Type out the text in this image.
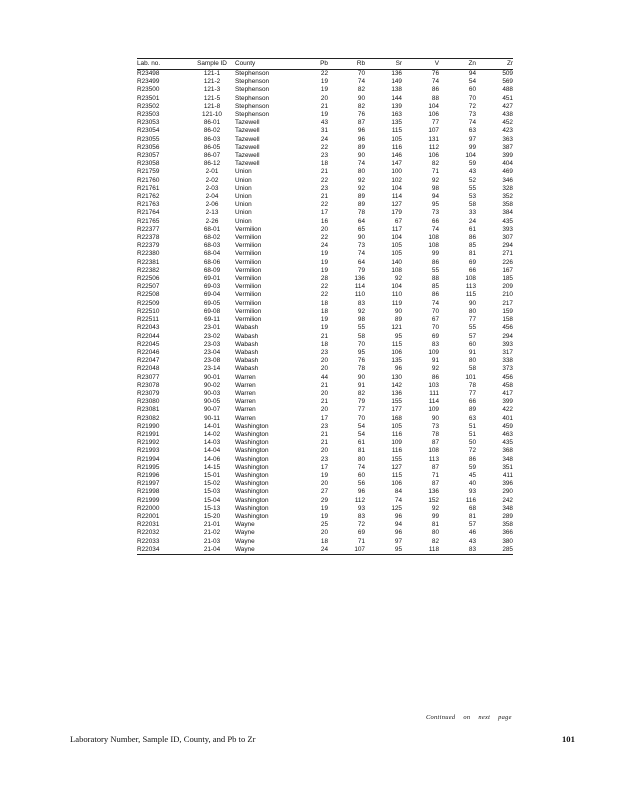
Lab. no.	Sample ID	County	Pb	Rb	Sr	V	Zn	Zr
R23498	121-1	Stephenson	22	70	136	76	94	509
R23499	121-2	Stephenson	19	74	149	74	54	569
R23500	121-3	Stephenson	19	82	138	86	60	488
R23501	121-5	Stephenson	20	90	144	88	70	451
R23502	121-8	Stephenson	21	82	139	104	72	427
R23503	121-10	Stephenson	19	76	163	106	73	438
R23053	86-01	Tazewell	43	87	135	77	74	452
R23054	86-02	Tazewell	31	96	115	107	63	423
R23055	86-03	Tazewell	24	96	105	131	97	363
R23056	86-05	Tazewell	22	89	116	112	99	387
R23057	86-07	Tazewell	23	90	146	106	104	399
R23058	86-12	Tazewell	18	74	147	82	59	404
R21759	2-01	Union	21	80	100	71	43	469
R21760	2-02	Union	22	92	102	92	52	346
R21761	2-03	Union	23	92	104	98	55	328
R21762	2-04	Union	21	89	114	94	53	352
R21763	2-06	Union	22	89	127	95	58	358
R21764	2-13	Union	17	78	179	73	33	384
R21765	2-26	Union	16	64	67	66	24	435
R22377	68-01	Vermilion	20	65	117	74	61	393
R22378	68-02	Vermilion	22	90	104	108	86	307
R22379	68-03	Vermilion	24	73	105	108	85	294
R22380	68-04	Vermilion	19	74	105	99	81	271
R22381	68-06	Vermilion	19	64	140	86	69	226
R22382	68-09	Vermilion	19	79	108	55	66	167
R22506	69-01	Vermilion	28	136	92	88	108	185
R22507	69-03	Vermilion	22	114	104	85	113	209
R22508	69-04	Vermilion	22	110	110	86	115	210
R22509	69-05	Vermilion	18	83	119	74	90	217
R22510	69-08	Vermilion	18	92	90	70	80	159
R22511	69-11	Vermilion	19	98	89	67	77	158
R22043	23-01	Wabash	19	55	121	70	55	456
R22044	23-02	Wabash	21	58	95	69	57	294
R22045	23-03	Wabash	18	70	115	83	60	393
R22046	23-04	Wabash	23	95	106	109	91	317
R22047	23-08	Wabash	20	76	135	91	80	338
R22048	23-14	Wabash	20	78	96	92	58	373
R23077	90-01	Warren	44	90	130	86	101	456
R23078	90-02	Warren	21	91	142	103	78	458
R23079	90-03	Warren	20	82	136	111	77	417
R23080	90-05	Warren	21	79	155	114	66	399
R23081	90-07	Warren	20	77	177	109	89	422
R23082	90-11	Warren	17	70	168	90	63	401
R21990	14-01	Washington	23	54	105	73	51	459
R21991	14-02	Washington	21	54	116	78	51	463
R21992	14-03	Washington	21	61	109	87	50	435
R21993	14-04	Washington	20	81	116	108	72	368
R21994	14-06	Washington	23	80	155	113	86	348
R21995	14-15	Washington	17	74	127	87	59	351
R21996	15-01	Washington	19	60	115	71	45	411
R21997	15-02	Washington	20	56	106	87	40	396
R21998	15-03	Washington	27	96	84	136	93	290
R21999	15-04	Washington	29	112	74	152	116	242
R22000	15-13	Washington	19	93	125	92	68	348
R22001	15-20	Washington	19	83	96	99	81	289
R22031	21-01	Wayne	25	72	94	81	57	358
R22032	21-02	Wayne	20	69	96	80	46	366
R22033	21-03	Wayne	18	71	97	82	43	380
R22034	21-04	Wayne	24	107	95	118	83	285
Continued on next page
Laboratory Number, Sample ID, County, and Pb to Zr	101
